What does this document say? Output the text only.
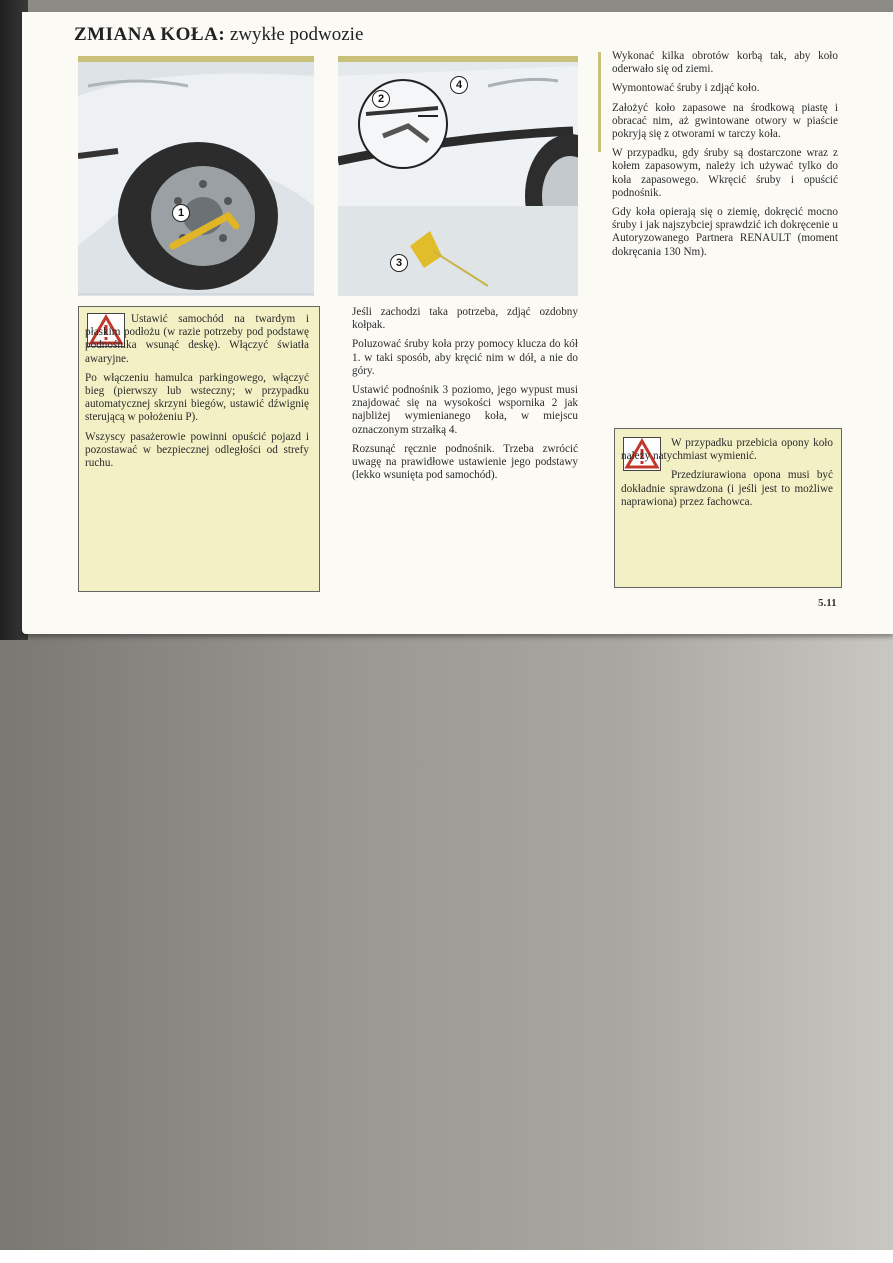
ZMIANA KOŁA: zwykłe podwozie
1
2
3
4

Ustawić samochód na twardym i płaskim podłożu (w razie potrzeby pod podstawę podnośnika wsunąć deskę). Włączyć światła awaryjne.

Po włączeniu hamulca parkingowego, włączyć bieg (pierwszy lub wsteczny; w przypadku automatycznej skrzyni biegów, ustawić dźwignię sterującą w położeniu P).

Wszyscy pasażerowie powinni opuścić pojazd i pozostawać w bezpiecznej odległości od strefy ruchu.

Jeśli zachodzi taka potrzeba, zdjąć ozdobny kołpak.

Poluzować śruby koła przy pomocy klucza do kół 1. w taki sposób, aby kręcić nim w dół, a nie do góry.

Ustawić podnośnik 3 poziomo, jego wypust musi znajdować się na wysokości wspornika 2 jak najbliżej wymienianego koła, w miejscu oznaczonym strzałką 4.

Rozsunąć ręcznie podnośnik. Trzeba zwrócić uwagę na prawidłowe ustawienie jego podstawy (lekko wsunięta pod samochód).

Wykonać kilka obrotów korbą tak, aby koło oderwało się od ziemi.

Wymontować śruby i zdjąć koło.

Założyć koło zapasowe na środkową piastę i obracać nim, aż gwintowane otwory w piaście pokryją się z otworami w tarczy koła.

W przypadku, gdy śruby są dostarczone wraz z kołem zapasowym, należy ich używać tylko do koła zapasowego. Wkręcić śruby i opuścić podnośnik.

Gdy koła opierają się o ziemię, dokręcić mocno śruby i jak najszybciej sprawdzić ich dokręcenie u Autoryzowanego Partnera RENAULT (moment dokręcania 130 Nm).

W przypadku przebicia opony koło należy natychmiast wymienić.

Przedziurawiona opona musi być dokładnie sprawdzona (i jeśli jest to możliwe naprawiona) przez fachowca.

5.11
